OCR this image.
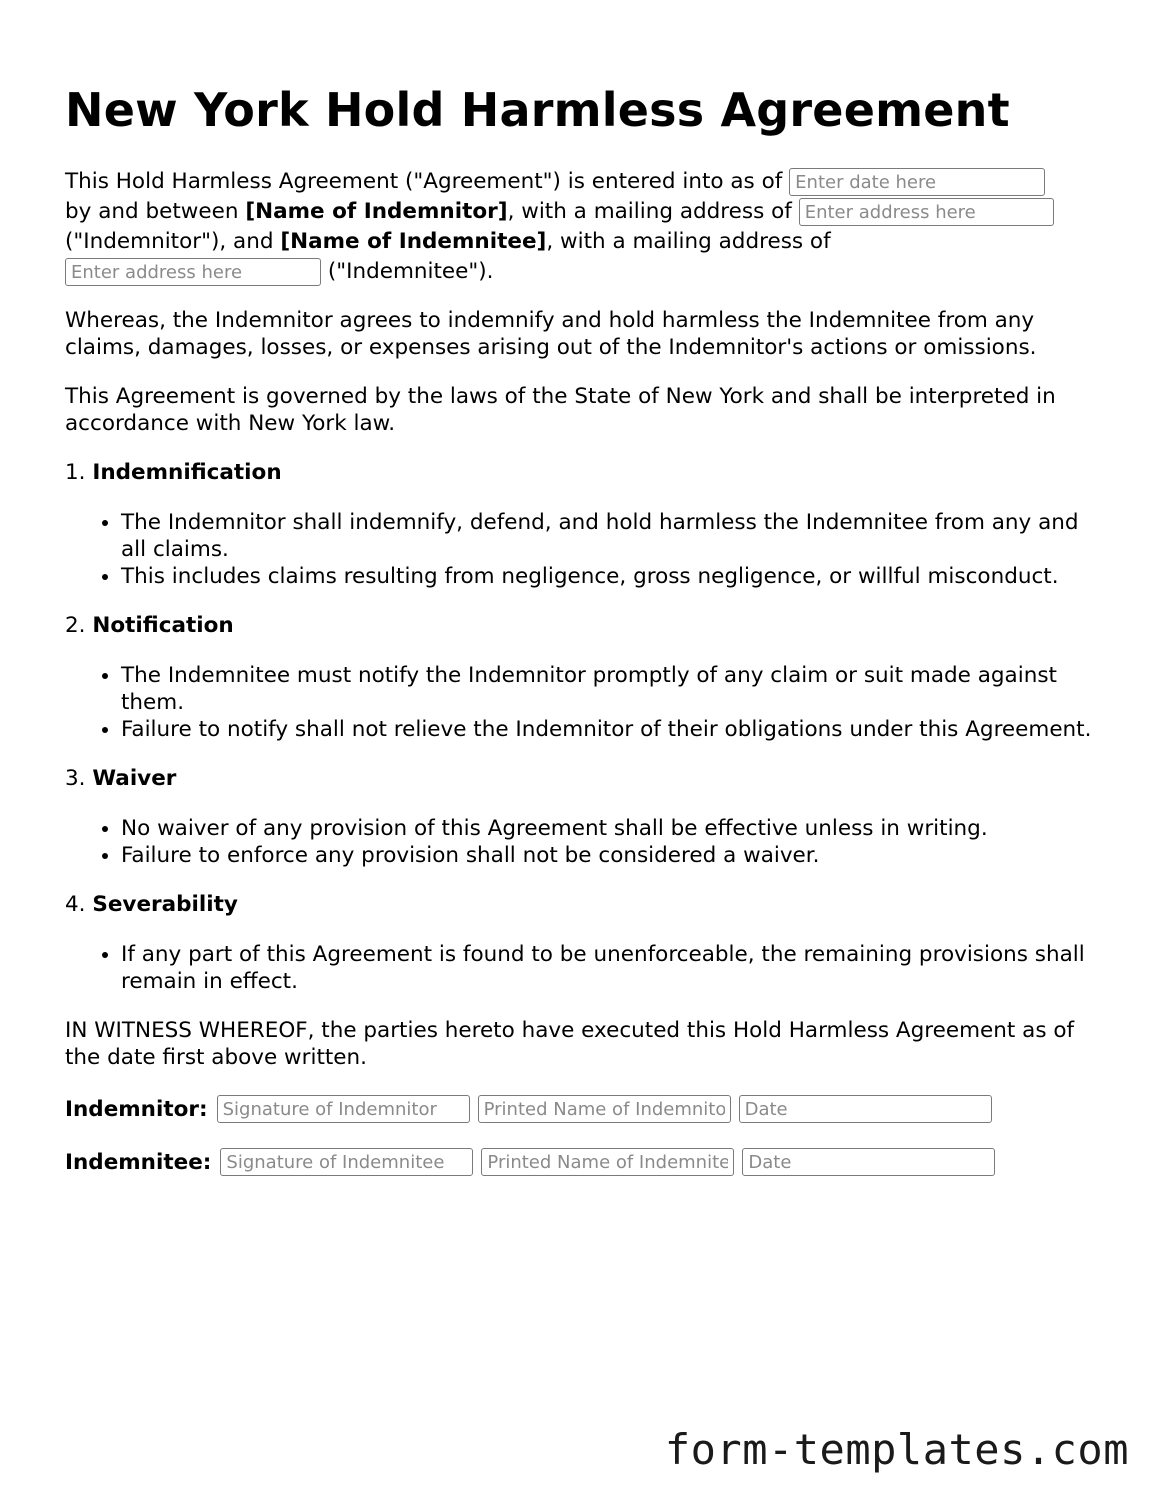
New York Hold Harmless Agreement

This Hold Harmless Agreement ("Agreement") is entered into as of Enter date here
by and between [Name of Indemnitor], with a mailing address of Enter address here
("Indemnitor"), and [Name of Indemnitee], with a mailing address of
Enter address here ("Indemnitee").

Whereas, the Indemnitor agrees to indemnify and hold harmless the Indemnitee from any claims, damages, losses, or expenses arising out of the Indemnitor's actions or omissions.

This Agreement is governed by the laws of the State of New York and shall be interpreted in accordance with New York law.

1. Indemnification
• The Indemnitor shall indemnify, defend, and hold harmless the Indemnitee from any and all claims.
• This includes claims resulting from negligence, gross negligence, or willful misconduct.
2. Notification
• The Indemnitee must notify the Indemnitor promptly of any claim or suit made against them.
• Failure to notify shall not relieve the Indemnitor of their obligations under this Agreement.
3. Waiver
• No waiver of any provision of this Agreement shall be effective unless in writing.
• Failure to enforce any provision shall not be considered a waiver.
4. Severability
• If any part of this Agreement is found to be unenforceable, the remaining provisions shall remain in effect.

IN WITNESS WHEREOF, the parties hereto have executed this Hold Harmless Agreement as of the date first above written.

Indemnitor:
Signature of Indemnitor
Printed Name of Indemnitor
Date
Indemnitee:
Signature of Indemnitee
Printed Name of Indemnitee
Date
form-templates.com
